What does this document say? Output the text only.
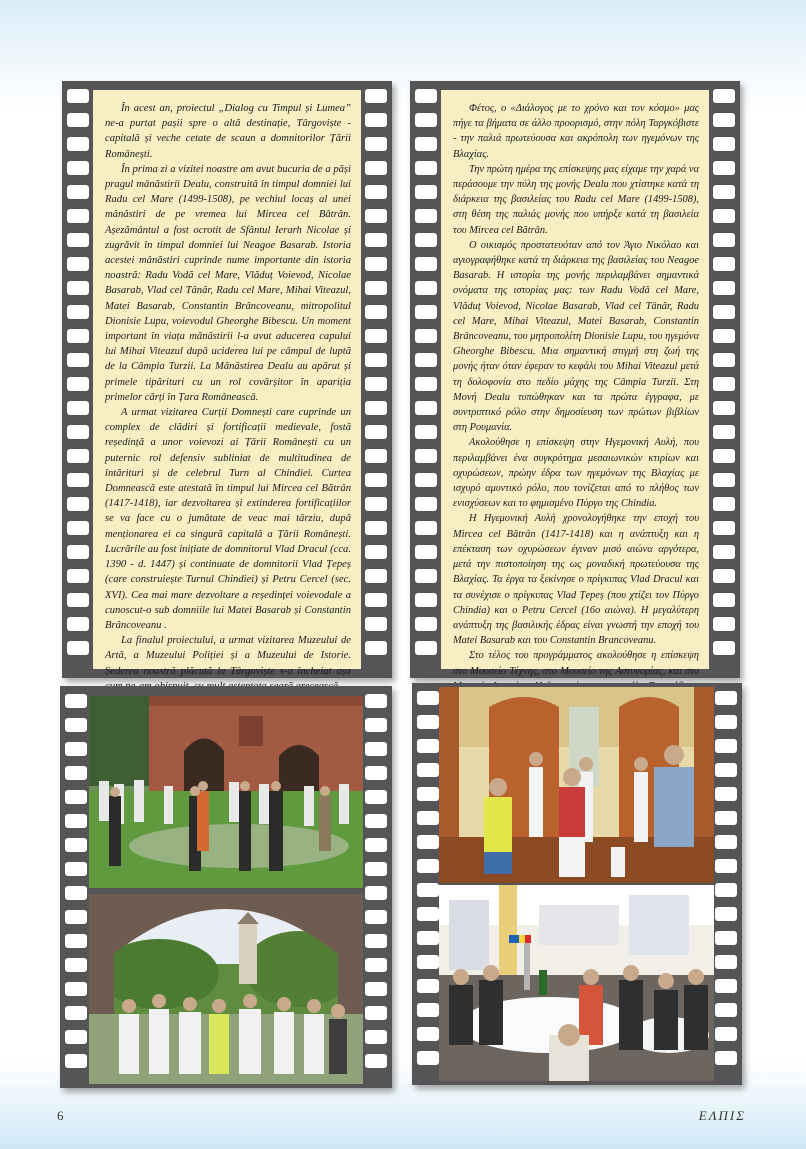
În acest an, proiectul „Dialog cu Timpul și Lumea” ne-a purtat pașii spre o altă destinație, Târgoviște - capitală și veche cetate de scaun a domnitorilor Țării Românești.

În prima zi a vizitei noastre am avut bucuria de a păși pragul mânăstirii Dealu, construită în timpul domniei lui Radu cel Mare (1499-1508), pe vechiul locaș al unei mânăstiri de pe vremea lui Mircea cel Bătrân. Așezământul a fost ocrotit de Sfântul Ierarh Nicolae și zugrăvit în timpul domniei lui Neagoe Basarab. Istoria acestei mânăstiri cuprinde nume importante din istoria noastră: Radu Vodă cel Mare, Vlăduț Voievod, Nicolae Basarab, Vlad cel Tânăr, Radu cel Mare, Mihai Viteazul, Matei Basarab, Constantin Brâncoveanu, mitropolitul Dionisie Lupu, voievodul Gheorghe Bibescu. Un moment important în viața mânăstirii l-a avut aducerea capului lui Mihai Viteazul după uciderea lui pe câmpul de luptă de la Câmpia Turzii. La Mânăstirea Dealu au apărut și primele tipărituri cu un rol covârșitor în apariția primelor cărți în Țara Românească.

A urmat vizitarea Curții Domnești care cuprinde un complex de clădiri și fortificații medievale, fostă reședință a unor voievozi ai Țării Românești cu un puternic rol defensiv subliniat de multitudinea de întărituri și de celebrul Turn al Chindiei. Curtea Domnească este atestată în timpul lui Mircea cel Bătrân (1417-1418), iar dezvoltarea și extinderea fortificațiilor se va face cu o jumătate de veac mai târziu, după menționarea ei ca singură capitală a Țării Românești. Lucrările au fost inițiate de domnitorul Vlad Dracul (cca. 1390 - d. 1447) și continuate de domnitorii Vlad Țepeș (care construiește Turnul Chindiei) și Petru Cercel (sec. XVI). Cea mai mare dezvoltare a reședinței voievodale a cunoscut-o sub domniile lui Matei Basarab și Constantin Brâncoveanu .

La finalul proiectului, a urmat vizitarea Muzeului de Artă, a Muzeului Poliției și a Muzeului de Istorie. Șederea noastră plăcută la Târgoviște s-a încheiat așa

Φέτος, ο «Διάλογος με το χρόνο και τον κόσμο» μας πήγε τα βήματα σε άλλο προορισμό, στην πόλη Ταργκόβιστε - την παλιά πρωτεύουσα και ακρόπολη των ηγεμόνων της Βλαχίας.

Την πρώτη ημέρα της επίσκεψης μας είχαμε την χαρά να περάσουμε την πύλη της μονής Dealu που χτίστηκε κατά τη διάρκεια της βασιλείας του Radu cel Mare (1499-1508), στη θέση της παλιάς μονής που υπήρξε κατά τη βασιλεία του Mircea cel Bătrân.

Ο οικισμός προστατευόταν από τον Άγιο Νικόλαο και αγιογραφήθηκε κατά τη διάρκεια της βασιλείας του Neagoe Basarab. Η ιστορία της μονής περιλαμβάνει σημαντικά ονόματα της ιστορίας μας: των Radu Vodă cel Mare, Vlăduț Voievod, Nicolae Basarab, Vlad cel Tânăr, Radu cel Mare, Mihai Viteazul, Matei Basarab, Constantin Brâncoveanu, του μητροπολίτη Dionisie Lupu, του ηγεμόνα Gheorghe Bibescu. Μια σημαντική στιγμή στη ζωή της μονής ήταν όταν έφεραν το κεφάλι του Mihai Viteazul μετά τη δολοφονία στο πεδίο μάχης της Câmpia Turzii. Στη Μονή Dealu τυπώθηκαν και τα πρώτα έγγραφα, με συντριπτικό ρόλο στην δημοσίευση των πρώτων βιβλίων στη Ρουμανία.

Ακολούθησε η επίσκεψη στην Ηγεμονική Αυλή, που περιλαμβάνει ένα συγκρότημα μεσαιωνικών κτιρίων και οχυρώσεων, πρώην έδρα των ηγεμόνων της Βλαχίας με ισχυρό αμυντικό ρόλο, που τονίζεται από το πλήθος των ενισχύσεων και το φημισμένο Πύργο της Chindia.

Η Ηγεμονική Αυλή χρονολογήθηκε την εποχή του Mircea cel Bătrân (1417-1418) και η ανάπτυξη και η επέκταση των οχυρώσεων έγιναν μισό αιώνα αργότερα, μετά την πιστοποίηση της ως μοναδική πρωτεύουσα της Βλαχίας. Τα έργα τα ξεκίνησε ο πρίγκιπας Vlad Dracul και τα συνέχισε ο πρίγκιπας Vlad Țepeș (που χτίζει τον Πύργο Chindia) και ο Petru Cercel (16ο αιώνα). Η μεγαλύτερη ανάπτυξη της βασιλικής έδρας είναι γνωστή την εποχή του Matei Basarab και του Constantin Brancoveanu.

Στο τέλος του προγράμματος ακολούθησε η επίσκεψη στο Μουσείο Τέχνης, στο Μουσείο της Αστυνομίας, και στο

6	ΕΛΠΙΣ
